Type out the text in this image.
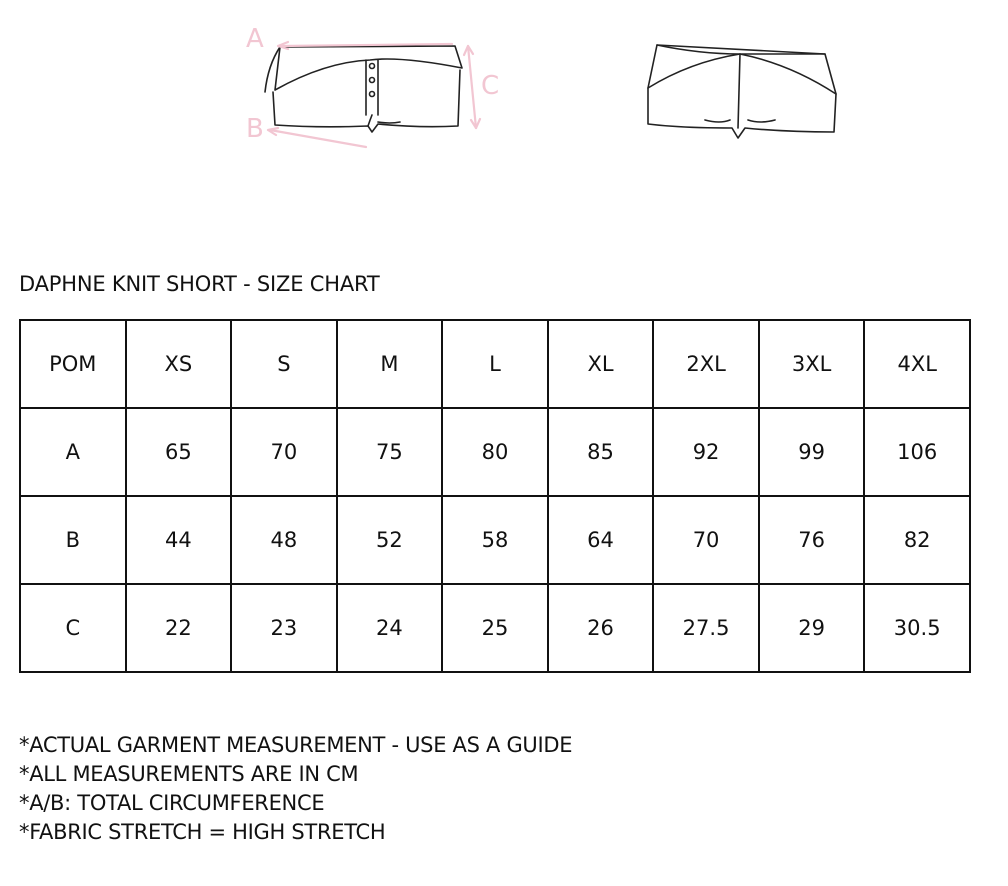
A
B
C
DAPHNE KNIT SHORT - SIZE CHART
POM	XS	S	M	L	XL	2XL	3XL	4XL
A	65	70	75	80	85	92	99	106
B	44	48	52	58	64	70	76	82
C	22	23	24	25	26	27.5	29	30.5
*ACTUAL GARMENT MEASUREMENT - USE AS A GUIDE
*ALL MEASUREMENTS ARE IN CM
*A/B: TOTAL CIRCUMFERENCE
*FABRIC STRETCH = HIGH STRETCH
